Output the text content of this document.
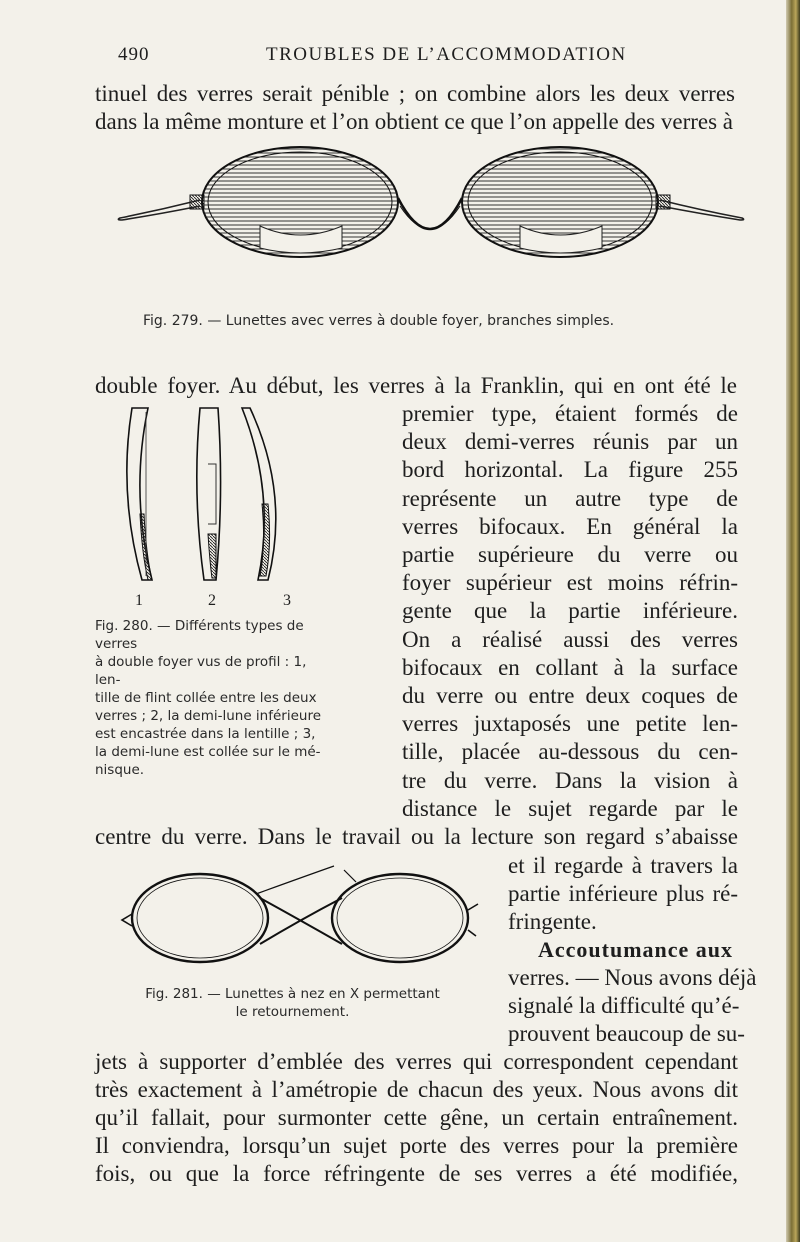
490	TROUBLES DE L’ACCOMMODATION
tinuel des verres serait pénible ; on combine alors les deux verres
dans la même monture et l’on obtient ce que l’on appelle des verres à
Fig. 279. — Lunettes avec verres à double foyer, branches simples.
double foyer. Au début, les verres à la Franklin, qui en ont été le
1	2	3
Fig. 280. — Différents types de verres
à double foyer vus de profil : 1, len-
tille de flint collée entre les deux
verres ; 2, la demi-lune inférieure
est encastrée dans la lentille ; 3,
la demi-lune est collée sur le mé-
nisque.
premier type, étaient formés de
deux demi-verres réunis par un
bord horizontal. La figure 255
représente un autre type de
verres bifocaux. En général la
partie supérieure du verre ou
foyer supérieur est moins réfrin-
gente que la partie inférieure.
On a réalisé aussi des verres
bifocaux en collant à la surface
du verre ou entre deux coques de
verres juxtaposés une petite len-
tille, placée au-dessous du cen-
tre du verre. Dans la vision à
distance le sujet regarde par le
centre du verre. Dans le travail ou la lecture son regard s’abaisse
Fig. 281. — Lunettes à nez en X permettant
le retournement.
et il regarde à travers la
partie inférieure plus ré-
fringente.
Accoutumance aux
verres. — Nous avons déjà
signalé la difficulté qu’é-
prouvent beaucoup de su-
jets à supporter d’emblée des verres qui correspondent cependant
très exactement à l’amétropie de chacun des yeux. Nous avons dit
qu’il fallait, pour surmonter cette gêne, un certain entraînement.
Il conviendra, lorsqu’un sujet porte des verres pour la première
fois, ou que la force réfringente de ses verres a été modifiée,
